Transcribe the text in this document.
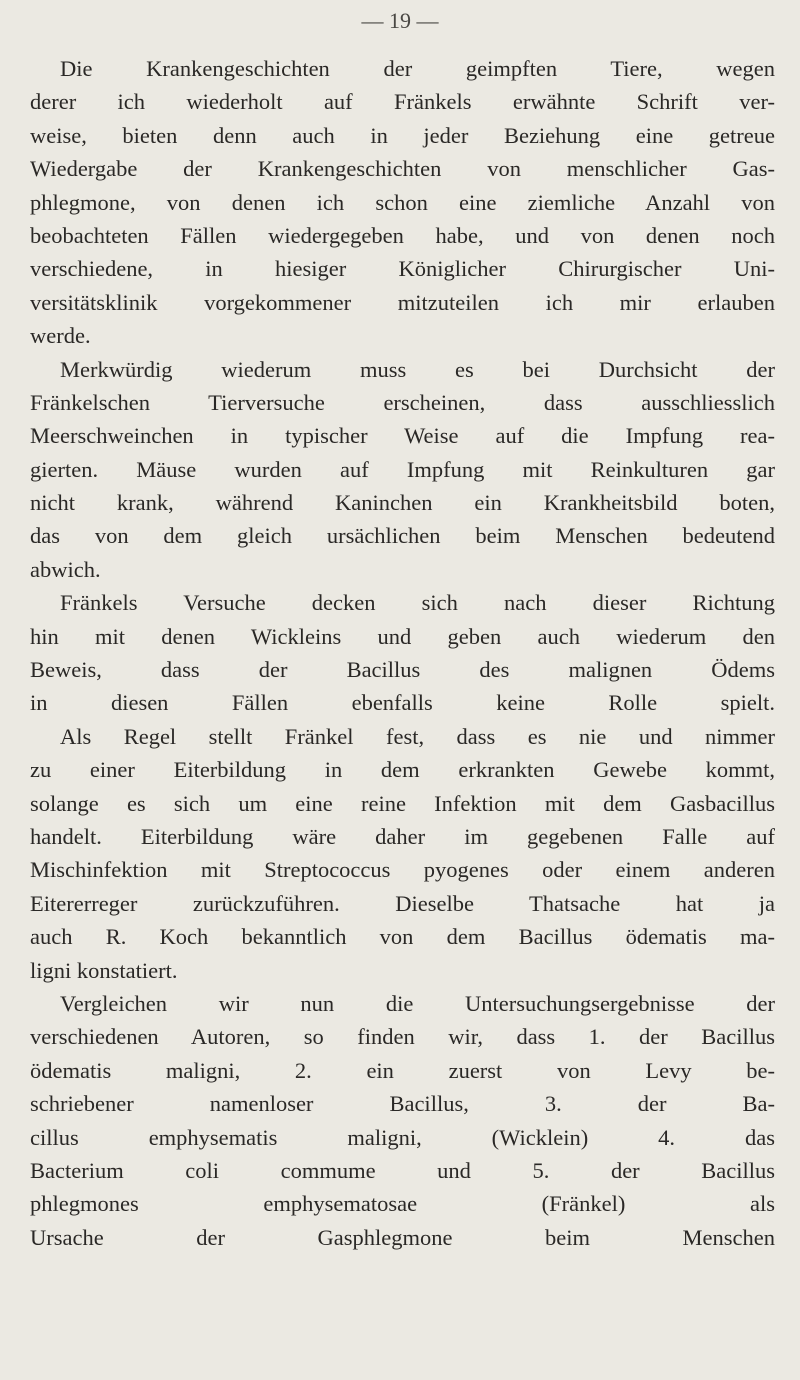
— 19 —
Die Krankengeschichten der geimpften Tiere, wegen
derer ich wiederholt auf Fränkels erwähnte Schrift ver-
weise, bieten denn auch in jeder Beziehung eine getreue
Wiedergabe der Krankengeschichten von menschlicher Gas-
phlegmone, von denen ich schon eine ziemliche Anzahl von
beobachteten Fällen wiedergegeben habe, und von denen noch
verschiedene, in hiesiger Königlicher Chirurgischer Uni-
versitätsklinik vorgekommener mitzuteilen ich mir erlauben
werde.
Merkwürdig wiederum muss es bei Durchsicht der
Fränkelschen Tierversuche erscheinen, dass ausschliesslich
Meerschweinchen in typischer Weise auf die Impfung rea-
gierten. Mäuse wurden auf Impfung mit Reinkulturen gar
nicht krank, während Kaninchen ein Krankheitsbild boten,
das von dem gleich ursächlichen beim Menschen bedeutend
abwich.
Fränkels Versuche decken sich nach dieser Richtung
hin mit denen Wickleins und geben auch wiederum den
Beweis, dass der Bacillus des malignen Ödems
in diesen Fällen ebenfalls keine Rolle spielt.
Als Regel stellt Fränkel fest, dass es nie und nimmer
zu einer Eiterbildung in dem erkrankten Gewebe kommt,
solange es sich um eine reine Infektion mit dem Gasbacillus
handelt. Eiterbildung wäre daher im gegebenen Falle auf
Mischinfektion mit Streptococcus pyogenes oder einem anderen
Eitererreger zurückzuführen. Dieselbe Thatsache hat ja
auch R. Koch bekanntlich von dem Bacillus ödematis ma-
ligni konstatiert.
Vergleichen wir nun die Untersuchungsergebnisse der
verschiedenen Autoren, so finden wir, dass 1. der Bacillus
ödematis maligni, 2. ein zuerst von Levy be-
schriebener namenloser Bacillus, 3. der Ba-
cillus emphysematis maligni, (Wicklein) 4. das
Bacterium coli commume und 5. der Bacillus
phlegmones emphysematosae (Fränkel) als
Ursache der Gasphlegmone beim Menschen
